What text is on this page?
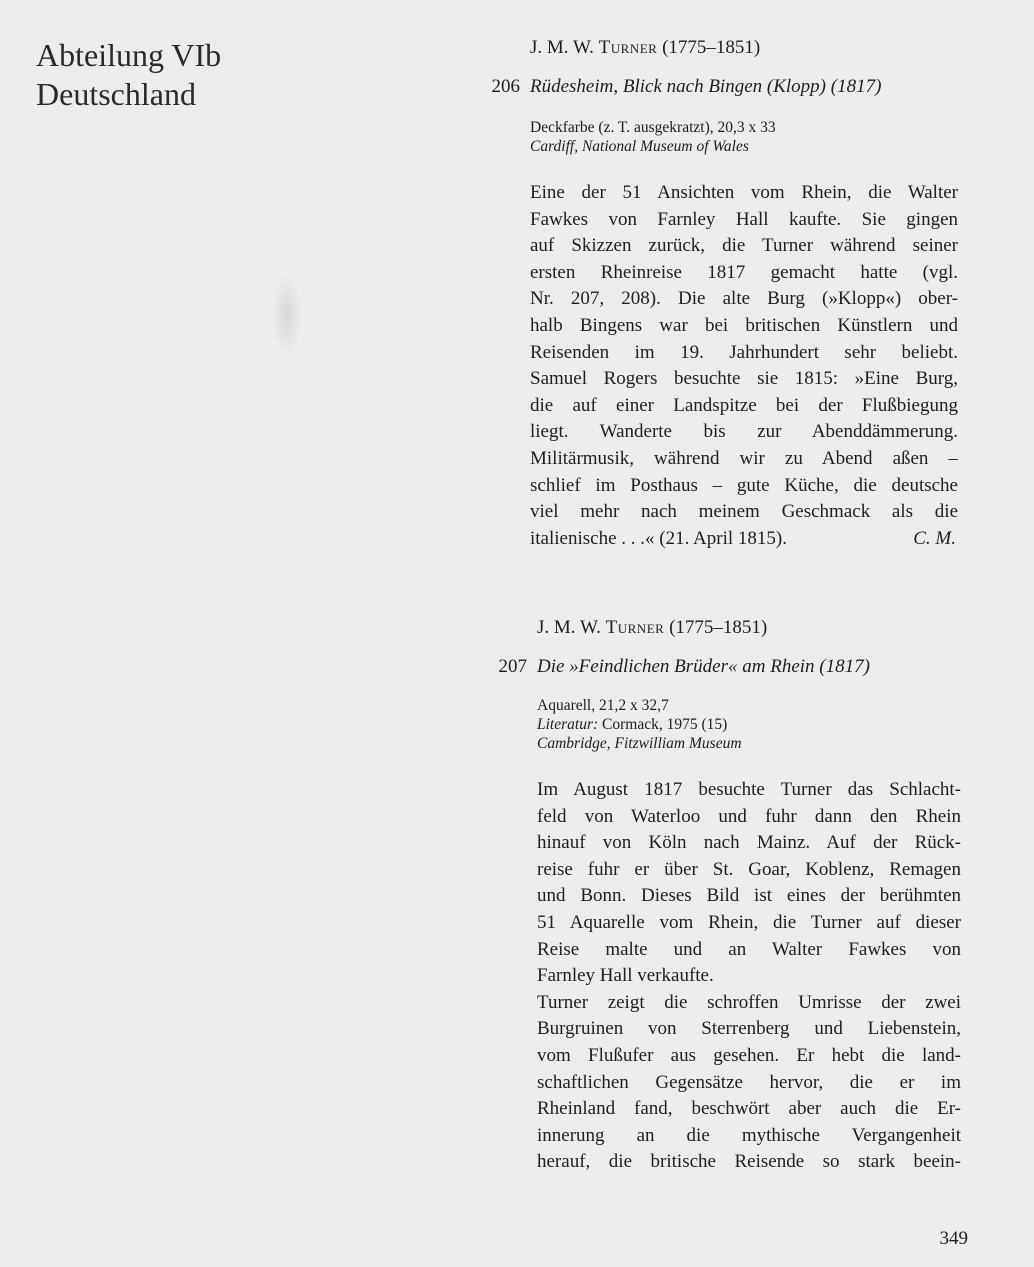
Abteilung VIb
Deutschland
J. M. W. Turner (1775–1851)
206 Rüdesheim, Blick nach Bingen (Klopp) (1817)
Deckfarbe (z. T. ausgekratzt), 20,3 x 33
Cardiff, National Museum of Wales
Eine der 51 Ansichten vom Rhein, die Walter
Fawkes von Farnley Hall kaufte. Sie gingen
auf Skizzen zurück, die Turner während seiner
ersten Rheinreise 1817 gemacht hatte (vgl.
Nr. 207, 208). Die alte Burg (»Klopp«) ober-
halb Bingens war bei britischen Künstlern und
Reisenden im 19. Jahrhundert sehr beliebt.
Samuel Rogers besuchte sie 1815: »Eine Burg,
die auf einer Landspitze bei der Flußbiegung
liegt. Wanderte bis zur Abenddämmerung.
Militärmusik, während wir zu Abend aßen –
schlief im Posthaus – gute Küche, die deutsche
viel mehr nach meinem Geschmack als die
italienische . . .« (21. April 1815).	C. M.
J. M. W. Turner (1775–1851)
207 Die »Feindlichen Brüder« am Rhein (1817)
Aquarell, 21,2 x 32,7
Literatur: Cormack, 1975 (15)
Cambridge, Fitzwilliam Museum
Im August 1817 besuchte Turner das Schlacht-
feld von Waterloo und fuhr dann den Rhein
hinauf von Köln nach Mainz. Auf der Rück-
reise fuhr er über St. Goar, Koblenz, Remagen
und Bonn. Dieses Bild ist eines der berühmten
51 Aquarelle vom Rhein, die Turner auf dieser
Reise malte und an Walter Fawkes von
Farnley Hall verkaufte.
Turner zeigt die schroffen Umrisse der zwei
Burgruinen von Sterrenberg und Liebenstein,
vom Flußufer aus gesehen. Er hebt die land-
schaftlichen Gegensätze hervor, die er im
Rheinland fand, beschwört aber auch die Er-
innerung an die mythische Vergangenheit
herauf, die britische Reisende so stark beein-
349
